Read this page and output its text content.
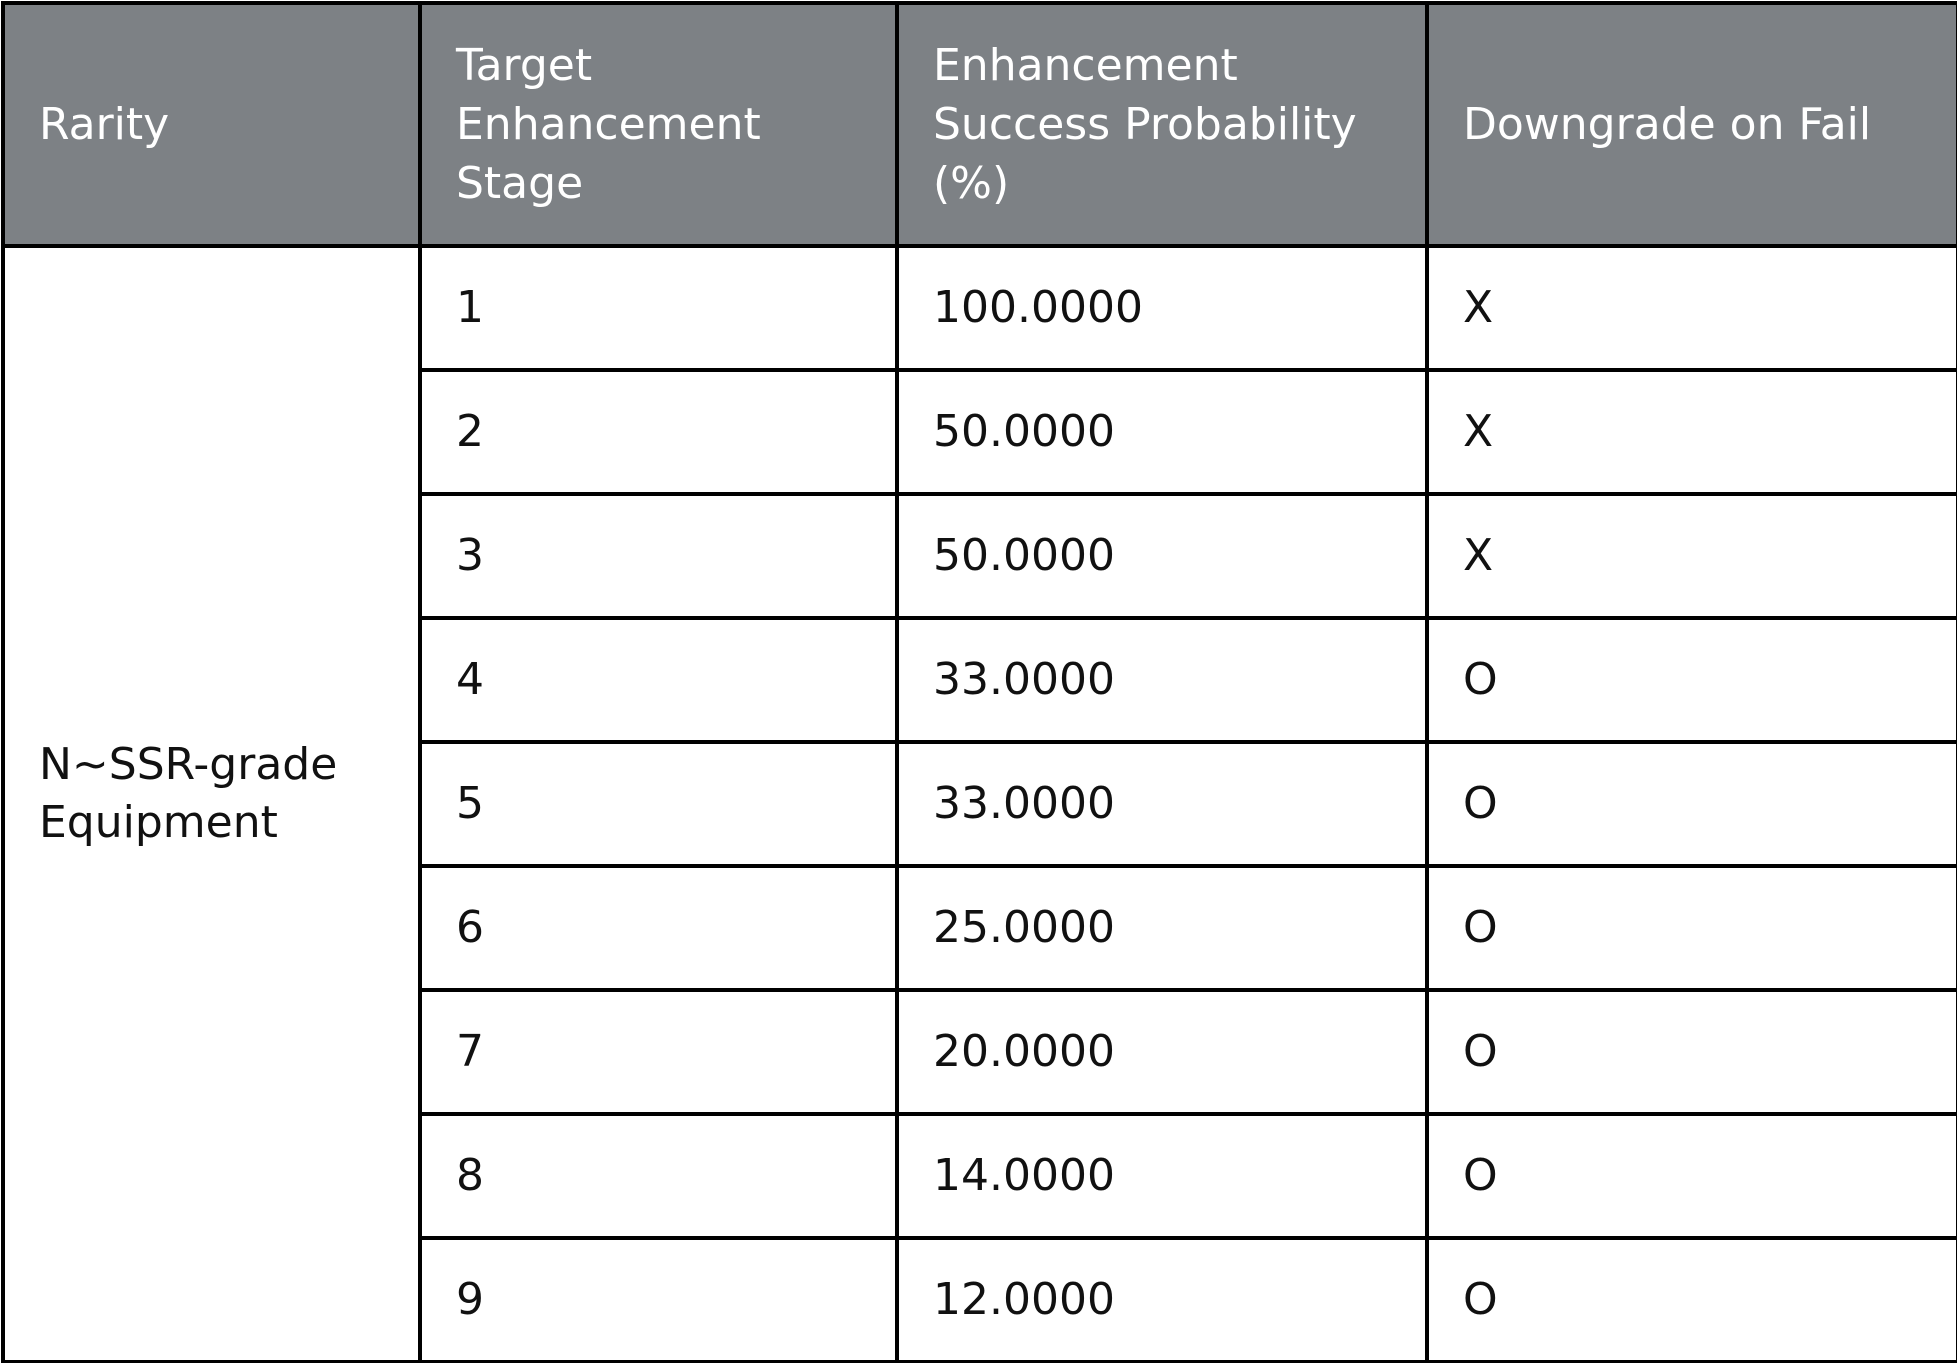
Rarity	Target Enhancement Stage	Enhancement Success Probability (%)	Downgrade on Fail
N~SSR-grade Equipment	1	100.0000	X
	2	50.0000	X
	3	50.0000	X
	4	33.0000	O
	5	33.0000	O
	6	25.0000	O
	7	20.0000	O
	8	14.0000	O
	9	12.0000	O
